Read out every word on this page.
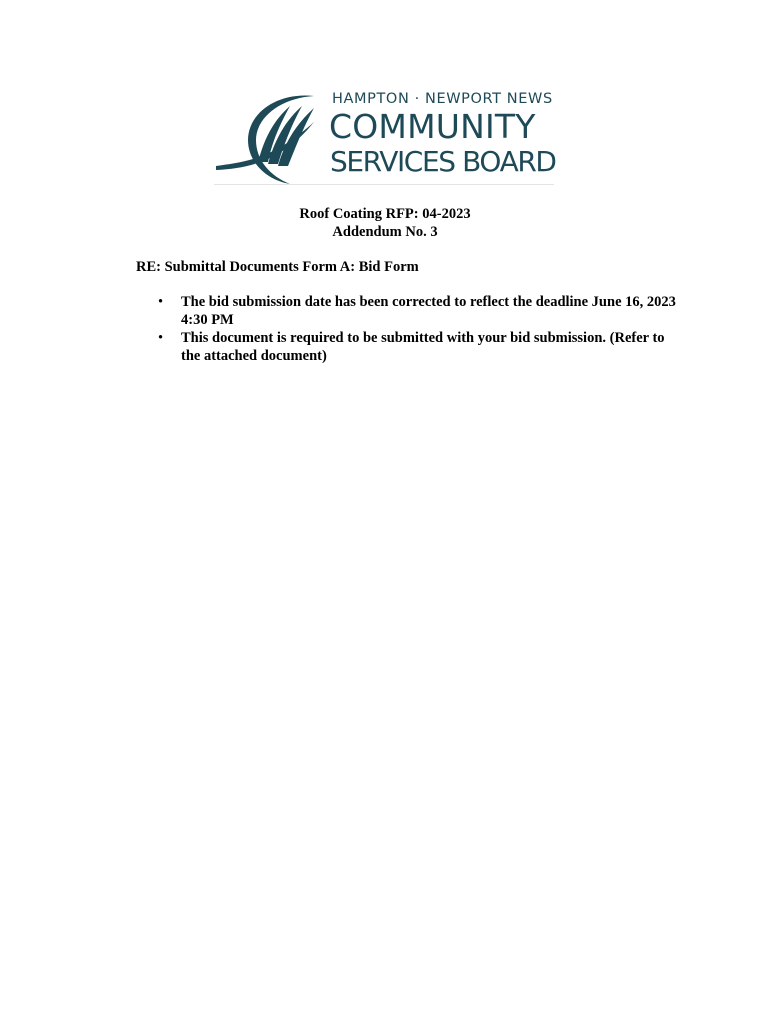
HAMPTON · NEWPORT NEWS
COMMUNITY
SERVICES BOARD
Roof Coating RFP: 04-2023
Addendum No. 3
RE: Submittal Documents Form A: Bid Form
• The bid submission date has been corrected to reflect the deadline June 16, 2023 4:30 PM
• This document is required to be submitted with your bid submission. (Refer to the attached document)
